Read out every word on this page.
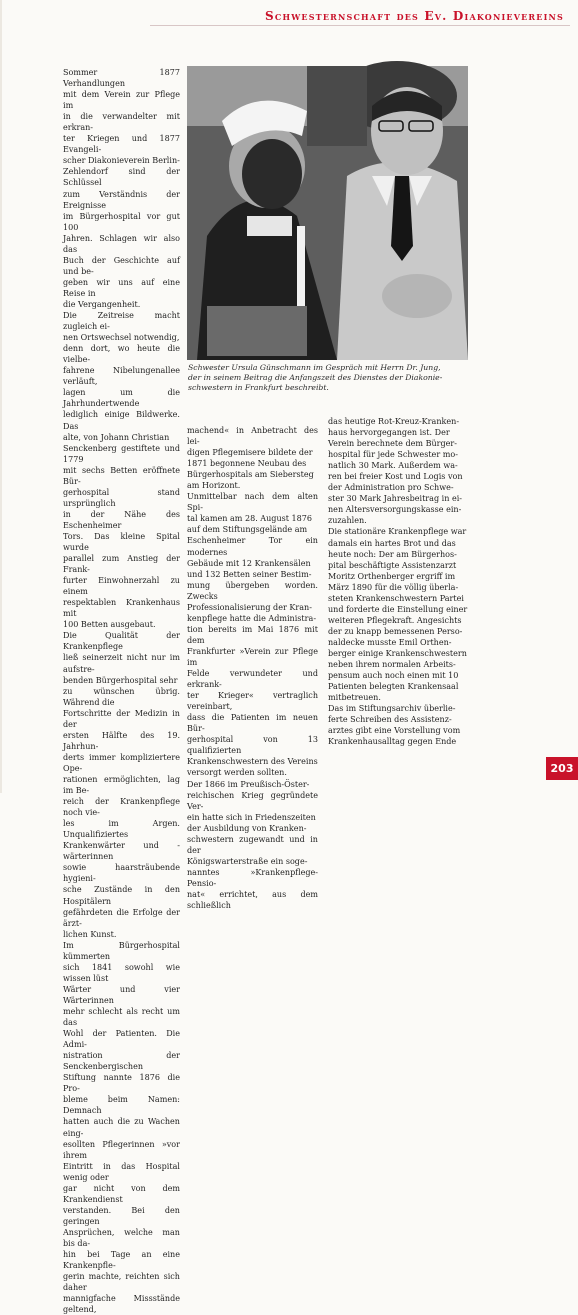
Schwesternschaft des Ev. Diakonievereins
Sommer 1877 Verhandlungen
mit dem Verein zur Pflege im
in die verwandelter mit erkran-
ter Kriegen und 1877 Evangeli-
scher Diakonieverein Berlin-
Zehlendorf sind der Schlüssel
zum Verständnis der Ereignisse
im Bürgerhospital vor gut 100
Jahren. Schlagen wir also das
Buch der Geschichte auf und be-
geben wir uns auf eine Reise in
die Vergangenheit.
Die Zeitreise macht zugleich ei-
nen Ortswechsel notwendig,
denn dort, wo heute die vielbe-
fahrene Nibelungenallee verläuft,
lagen um die Jahrhundertwende
lediglich einige Bildwerke. Das
alte, von Johann Christian
Senckenberg gestiftete und 1779
mit sechs Betten eröffnete Bür-
gerhospital stand ursprünglich
in der Nähe des Eschenheimer
Tors. Das kleine Spital wurde
parallel zum Anstieg der Frank-
furter Einwohnerzahl zu einem
respektablen Krankenhaus mit
100 Betten ausgebaut.
Die Qualität der Krankenpflege
ließ seinerzeit nicht nur im aufstre-
benden Bürgerhospital sehr
zu wünschen übrig. Während die
Fortschritte der Medizin in der
ersten Hälfte des 19. Jahrhun-
derts immer kompliziertere Ope-
rationen ermöglichten, lag im Be-
reich der Krankenpflege noch vie-
les im Argen. Unqualifiziertes
Krankenwärter und -wärterinnen
sowie haarsträubende hygieni-
sche Zustände in den Hospitälern
gefährdeten die Erfolge der ärzt-
lichen Kunst.
Im Bürgerhospital kümmerten
sich 1841 sowohl wie wissen lüst
Wärter und vier Wärterinnen
mehr schlecht als recht um das
Wohl der Patienten. Die Admi-
nistration der Senckenbergischen
Stiftung nannte 1876 die Pro-
bleme beim Namen: Demnach
hatten auch die zu Wachen eing-
esollten Pflegerinnen »vor ihrem
Eintritt in das Hospital wenig oder
gar nicht von dem Krankendienst
verstanden. Bei den geringen
Ansprüchen, welche man bis da-
hin bei Tage an eine Krankenpfle-
gerin machte, reichten sich daher
mannigfache Missstände geltend,
Schwester Ursula Günschmann im Gespräch mit Herrn Dr. Jung,
der in seinem Beitrag die Anfangszeit des Dienstes der Diakonie-
schwestern in Frankfurt beschreibt.
machend« in Anbetracht des lei-
digen Pflegemisere bildete der
1871 begonnene Neubau des
Bürgerhospitals am Siebersteg
am Horizont.
Unmittelbar nach dem alten Spi-
tal kamen am 28. August 1876
auf dem Stiftungsgelände am
Eschenheimer Tor ein modernes
Gebäude mit 12 Krankensälen
und 132 Betten seiner Bestim-
mung übergeben worden. Zwecks
Professionalisierung der Kran-
kenpflege hatte die Administra-
tion bereits im Mai 1876 mit dem
Frankfurter »Verein zur Pflege im
Felde verwundeter und erkrank-
ter Krieger« vertraglich vereinbart,
dass die Patienten im neuen Bür-
gerhospital von 13 qualifizierten
Krankenschwestern des Vereins
versorgt werden sollten.
Der 1866 im Preußisch-Öster-
reichischen Krieg gegründete Ver-
ein hatte sich in Friedenszeiten
der Ausbildung von Kranken-
schwestern zugewandt und in der
Königswarterstraße ein soge-
nanntes »Krankenpflege-Pensio-
nat« errichtet, aus dem schließlich
das heutige Rot-Kreuz-Kranken-
haus hervorgegangen ist. Der
Verein berechnete dem Bürger-
hospital für jede Schwester mo-
natlich 30 Mark. Außerdem wa-
ren bei freier Kost und Logis von
der Administration pro Schwe-
ster 30 Mark Jahresbeitrag in ei-
nen Altersversorgungskasse ein-
zuzahlen.
Die stationäre Krankenpflege war
damals ein hartes Brot und das
heute noch: Der am Bürgerhos-
pital beschäftigte Assistenzarzt
Moritz Orthenberger ergriff im
März 1890 für die völlig überla-
steten Krankenschwestern Partei
und forderte die Einstellung einer
weiteren Pflegekraft. Angesichts
der zu knapp bemessenen Perso-
naldecke musste Emil Orthen-
berger einige Krankenschwestern
neben ihrem normalen Arbeits-
pensum auch noch einen mit 10
Patienten belegten Krankensaal
mitbetreuen.
Das im Stiftungsarchiv überlie-
ferte Schreiben des Assistenz-
arztes gibt eine Vorstellung vom
Krankenhausalltag gegen Ende
203
